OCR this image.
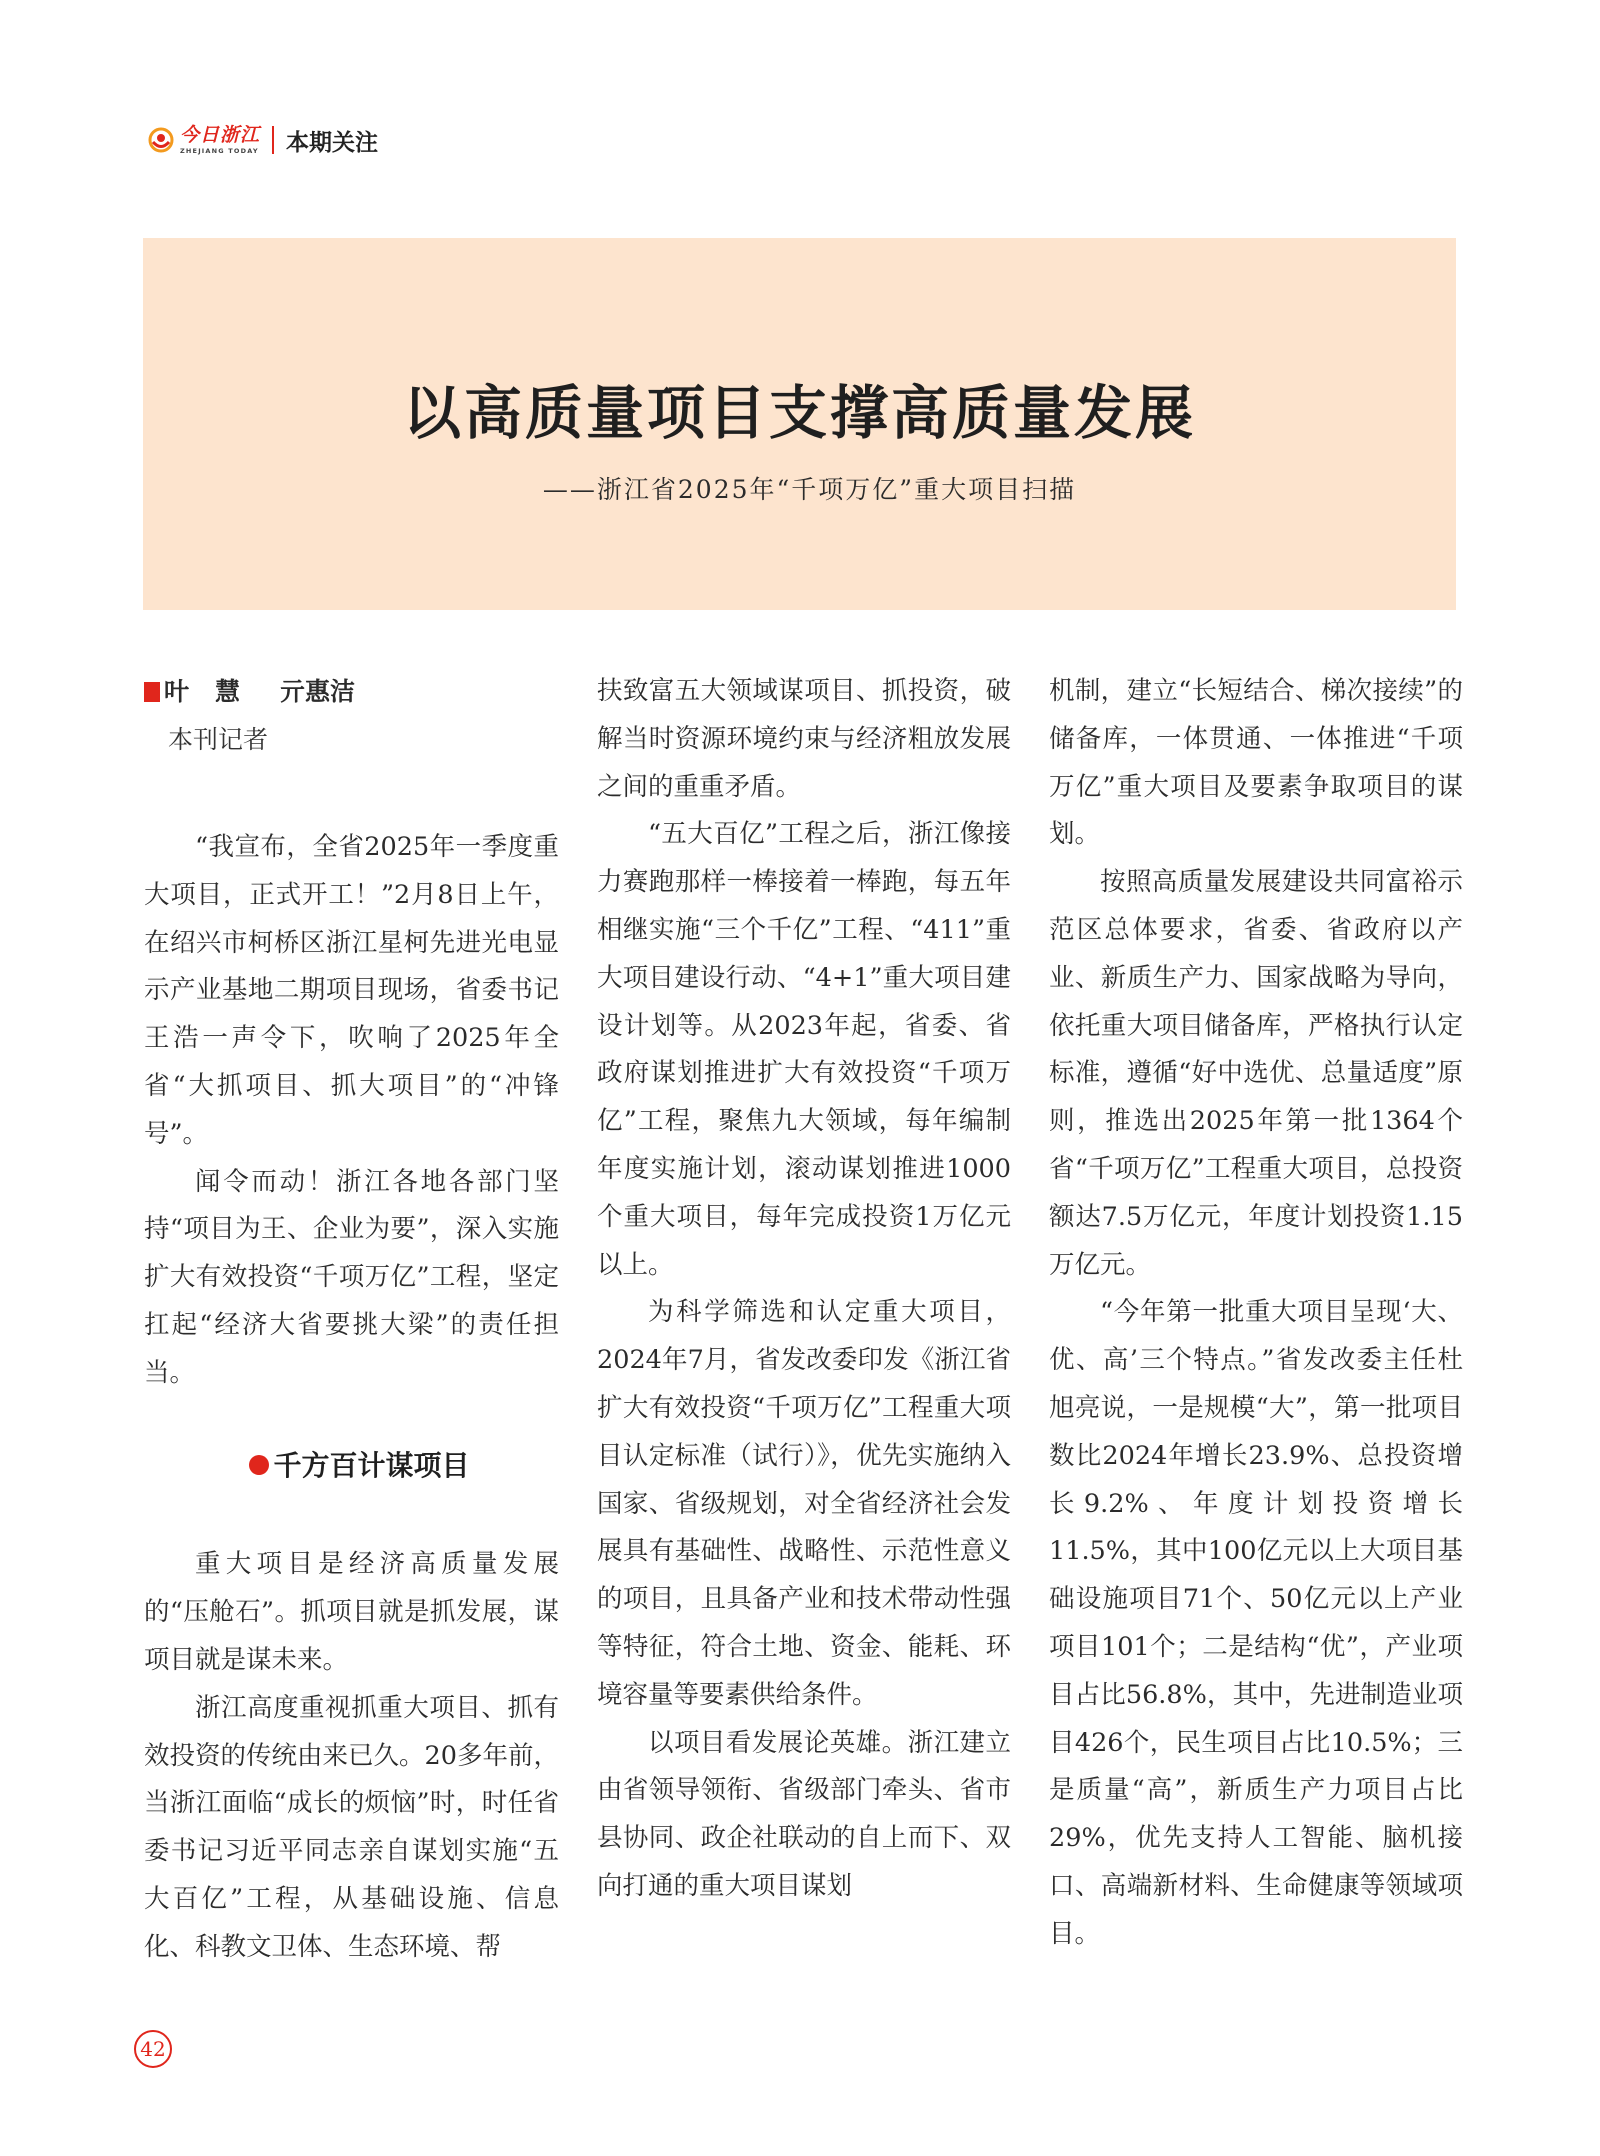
今日浙江
ZHEJIANG TODAY 本期关注
以高质量项目支撑高质量发展
——浙江省2025年“千项万亿”重大项目扫描
叶慧 亓惠洁
本刊记者

“我宣布，全省2025年一季度重大项目，正式开工！”2月8日上午，在绍兴市柯桥区浙江星柯先进光电显示产业基地二期项目现场，省委书记王浩一声令下，吹响了2025年全省“大抓项目、抓大项目”的“冲锋号”。

闻令而动！浙江各地各部门坚持“项目为王、企业为要”，深入实施扩大有效投资“千项万亿”工程，坚定扛起“经济大省要挑大梁”的责任担当。

千方百计谋项目

重大项目是经济高质量发展的“压舱石”。抓项目就是抓发展，谋项目就是谋未来。

浙江高度重视抓重大项目、抓有效投资的传统由来已久。20多年前，当浙江面临“成长的烦恼”时，时任省委书记习近平同志亲自谋划实施“五大百亿”工程，从基础设施、信息化、科教文卫体、生态环境、帮

扶致富五大领域谋项目、抓投资，破解当时资源环境约束与经济粗放发展之间的重重矛盾。

“五大百亿”工程之后，浙江像接力赛跑那样一棒接着一棒跑，每五年相继实施“三个千亿”工程、“411”重大项目建设行动、“4+1”重大项目建设计划等。从2023年起，省委、省政府谋划推进扩大有效投资“千项万亿”工程，聚焦九大领域，每年编制年度实施计划，滚动谋划推进1000个重大项目，每年完成投资1万亿元以上。

为科学筛选和认定重大项目，2024年7月，省发改委印发《浙江省扩大有效投资“千项万亿”工程重大项目认定标准（试行）》，优先实施纳入国家、省级规划，对全省经济社会发展具有基础性、战略性、示范性意义的项目，且具备产业和技术带动性强等特征，符合土地、资金、能耗、环境容量等要素供给条件。

以项目看发展论英雄。浙江建立由省领导领衔、省级部门牵头、省市县协同、政企社联动的自上而下、双向打通的重大项目谋划

机制，建立“长短结合、梯次接续”的储备库，一体贯通、一体推进“千项万亿”重大项目及要素争取项目的谋划。

按照高质量发展建设共同富裕示范区总体要求，省委、省政府以产业、新质生产力、国家战略为导向，依托重大项目储备库，严格执行认定标准，遵循“好中选优、总量适度”原则，推选出2025年第一批1364个省“千项万亿”工程重大项目，总投资额达7.5万亿元，年度计划投资1.15万亿元。

“今年第一批重大项目呈现‘大、优、高’三个特点。”省发改委主任杜旭亮说，一是规模“大”，第一批项目数比2024年增长23.9%、总投资增长9.2%、年度计划投资增长11.5%，其中100亿元以上大项目基础设施项目71个、50亿元以上产业项目101个；二是结构“优”，产业项目占比56.8%，其中，先进制造业项目426个，民生项目占比10.5%；三是质量“高”，新质生产力项目占比29%，优先支持人工智能、脑机接口、高端新材料、生命健康等领域项目。

42
